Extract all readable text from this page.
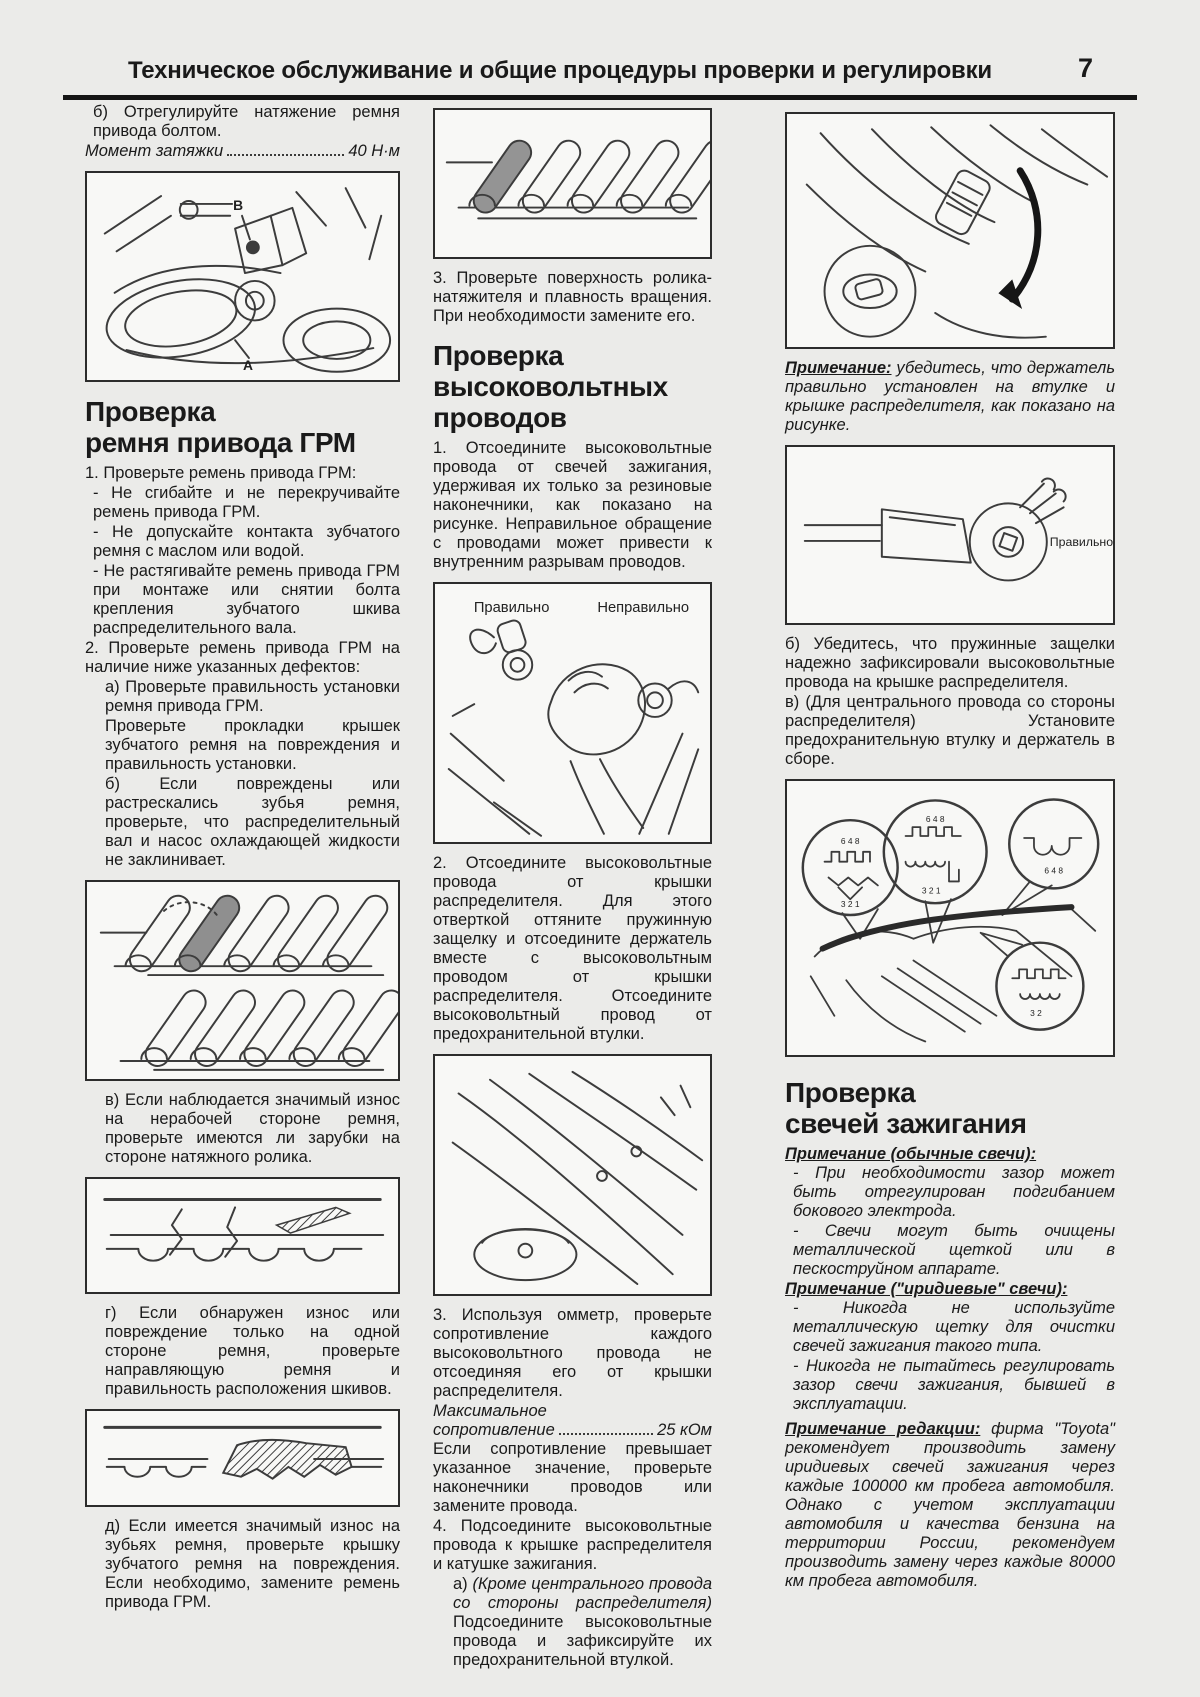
Техническое обслуживание и общие процедуры проверки и регулировки	7

б) Отрегулируйте натяжение ремня привода болтом.

Момент затяжки	40 Н·м
B
A
Проверка
ремня привода ГРМ

1. Проверьте ремень привода ГРМ:

- Не сгибайте и не перекручивайте ремень привода ГРМ.

- Не допускайте контакта зубчатого ремня с маслом или водой.

- Не растягивайте ремень привода ГРМ при монтаже или снятии болта крепления зубчатого шкива распределительного вала.

2. Проверьте ремень привода ГРМ на наличие ниже указанных дефектов:

а) Проверьте правильность установки ремня привода ГРМ.

Проверьте прокладки крышек зубчатого ремня на повреждения и правильность установки.

б) Если повреждены или растрескались зубья ремня, проверьте, что распределительный вал и насос охлаждающей жидкости не заклинивает.

в) Если наблюдается значимый износ на нерабочей стороне ремня, проверьте имеются ли зарубки на стороне натяжного ролика.

г) Если обнаружен износ или повреждение только на одной стороне ремня, проверьте направляющую ремня и правильность расположения шкивов.

д) Если имеется значимый износ на зубьях ремня, проверьте крышку зубчатого ремня на повреждения. Если необходимо, замените ремень привода ГРМ.

3. Проверьте поверхность ролика-натяжителя и плавность вращения. При необходимости замените его.

Проверка
высоковольтных
проводов

1. Отсоедините высоковольтные провода от свечей зажигания, удерживая их только за резиновые наконечники, как показано на рисунке. Неправильное обращение с проводами может привести к внутренним разрывам проводов.

Правильно	Неправильно

2. Отсоедините высоковольтные провода от крышки распределителя. Для этого отверткой оттяните пружинную защелку и отсоедините держатель вместе с высоковольтным проводом от крышки распределителя. Отсоедините высоковольтный провод от предохранительной втулки.

3. Используя омметр, проверьте сопротивление каждого высоковольтного провода не отсоединяя его от крышки распределителя.

Максимальное

сопротивление	25 кОм

Если сопротивление превышает указанное значение, проверьте наконечники проводов или замените провода.

4. Подсоедините высоковольтные провода к крышке распределителя и катушке зажигания.

а) (Кроме центрального провода со стороны распределителя) Подсоедините высоковольтные провода и зафиксируйте их предохранительной втулкой.

Примечание: убедитесь, что держатель правильно установлен на втулке и крышке распределителя, как показано на рисунке.

Правильно

б) Убедитесь, что пружинные защелки надежно зафиксировали высоковольтные провода на крышке распределителя.

в) (Для центрального провода со стороны распределителя)	Установите предохранительную втулку и держатель в сборе.

6 4 8
3 2 1
6 4 8
3 2 1
6 4 8
3 2
Проверка
свечей зажигания

Примечание (обычные свечи):

- При необходимости зазор может быть отрегулирован подгибанием бокового электрода.

- Свечи могут быть очищены металлической щеткой или в пескоструйном аппарате.

Примечание ("иридиевые" свечи):

- Никогда не используйте металлическую щетку для очистки свечей зажигания такого типа.

- Никогда не пытайтесь регулировать зазор свечи зажигания, бывшей в эксплуатации.

Примечание редакции: фирма "Toyota" рекомендует производить замену иридиевых свечей зажигания через каждые 100000 км пробега автомобиля. Однако с учетом эксплуатации автомобиля и качества бензина на территории России, рекомендуем производить замену через каждые 80000 км пробега автомобиля.
